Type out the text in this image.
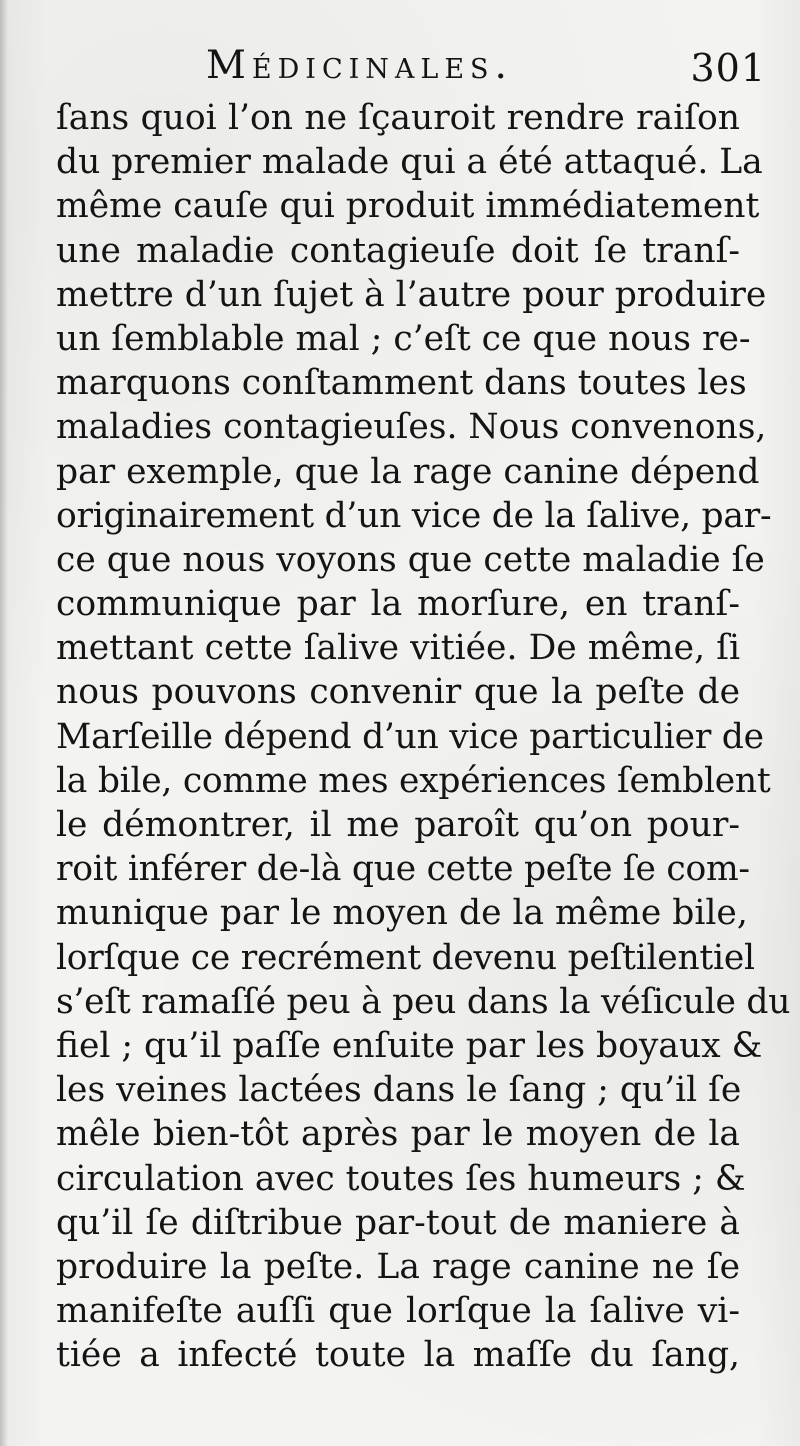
Médicinales.	301
ſans quoi l’on ne ſçauroit rendre raiſon
du premier malade qui a été attaqué. La
même cauſe qui produit immédiatement
une maladie contagieuſe doit ſe tranſ-
mettre d’un ſujet à l’autre pour produire
un ſemblable mal ; c’eſt ce que nous re-
marquons conſtamment dans toutes les
maladies contagieuſes. Nous convenons,
par exemple, que la rage canine dépend
originairement d’un vice de la ſalive, par-
ce que nous voyons que cette maladie ſe
communique par la morſure, en tranſ-
mettant cette ſalive vitiée. De même, ſi
nous pouvons convenir que la peſte de
Marſeille dépend d’un vice particulier de
la bile, comme mes expériences ſemblent
le démontrer, il me paroît qu’on pour-
roit inférer de-là que cette peſte ſe com-
munique par le moyen de la même bile,
lorſque ce recrément devenu peſtilentiel
s’eſt ramaſſé peu à peu dans la véſicule du
fiel ; qu’il paſſe enſuite par les boyaux &
les veines lactées dans le ſang ; qu’il ſe
mêle bien-tôt après par le moyen de la
circulation avec toutes ſes humeurs ; &
qu’il ſe diſtribue par-tout de maniere à
produire la peſte. La rage canine ne ſe
manifeſte auſſi que lorſque la ſalive vi-
tiée a infecté toute la maſſe du ſang,
